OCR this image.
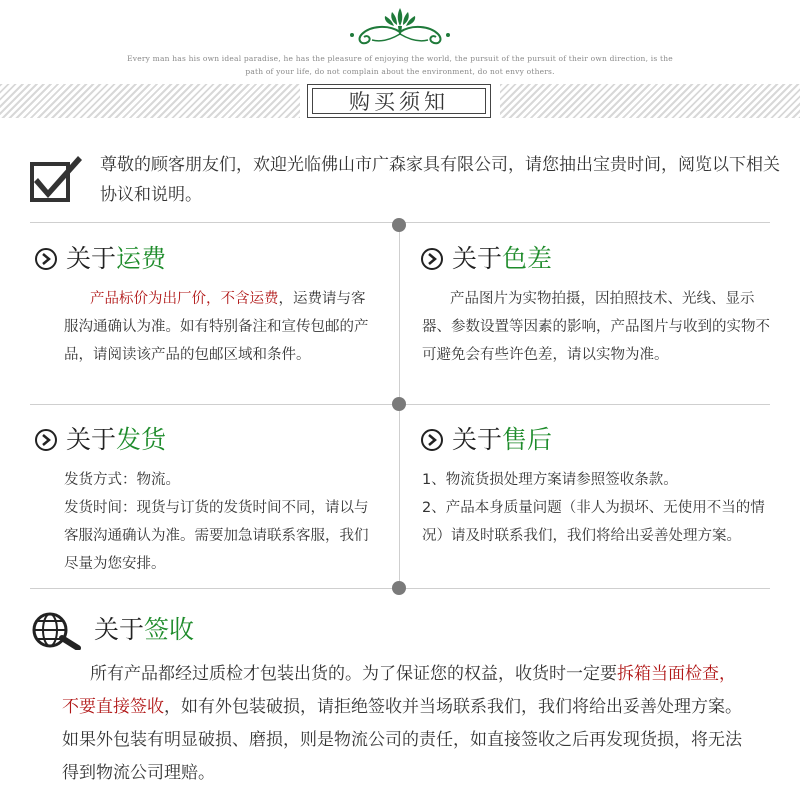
Every man has his own ideal paradise, he has the pleasure of enjoying the world, the pursuit of the pursuit of their own direction, is the
path of your life, do not complain about the environment, do not envy others.
购买须知
尊敬的顾客朋友们，欢迎光临佛山市广森家具有限公司，请您抽出宝贵时间，阅览以下相关协议和说明。
关于 运费
产品标价为出厂价，不含运费，运费请与客服沟通确认为准。如有特别备注和宣传包邮的产品，请阅读该产品的包邮区域和条件。
关于 色差
产品图片为实物拍摄，因拍照技术、光线、显示器、参数设置等因素的影响，产品图片与收到的实物不可避免会有些许色差，请以实物为准。
关于 发货
发货方式：物流。
发货时间：现货与订货的发货时间不同，请以与客服沟通确认为准。需要加急请联系客服，我们尽量为您安排。
关于 售后
1、物流货损处理方案请参照签收条款。
2、产品本身质量问题（非人为损坏、无使用不当的情况）请及时联系我们，我们将给出妥善处理方案。
关于 签收
所有产品都经过质检才包装出货的。为了保证您的权益，收货时一定要拆箱当面检查，不要直接签收，如有外包装破损，请拒绝签收并当场联系我们，我们将给出妥善处理方案。如果外包装有明显破损、磨损，则是物流公司的责任，如直接签收之后再发现货损，将无法得到物流公司理赔。
